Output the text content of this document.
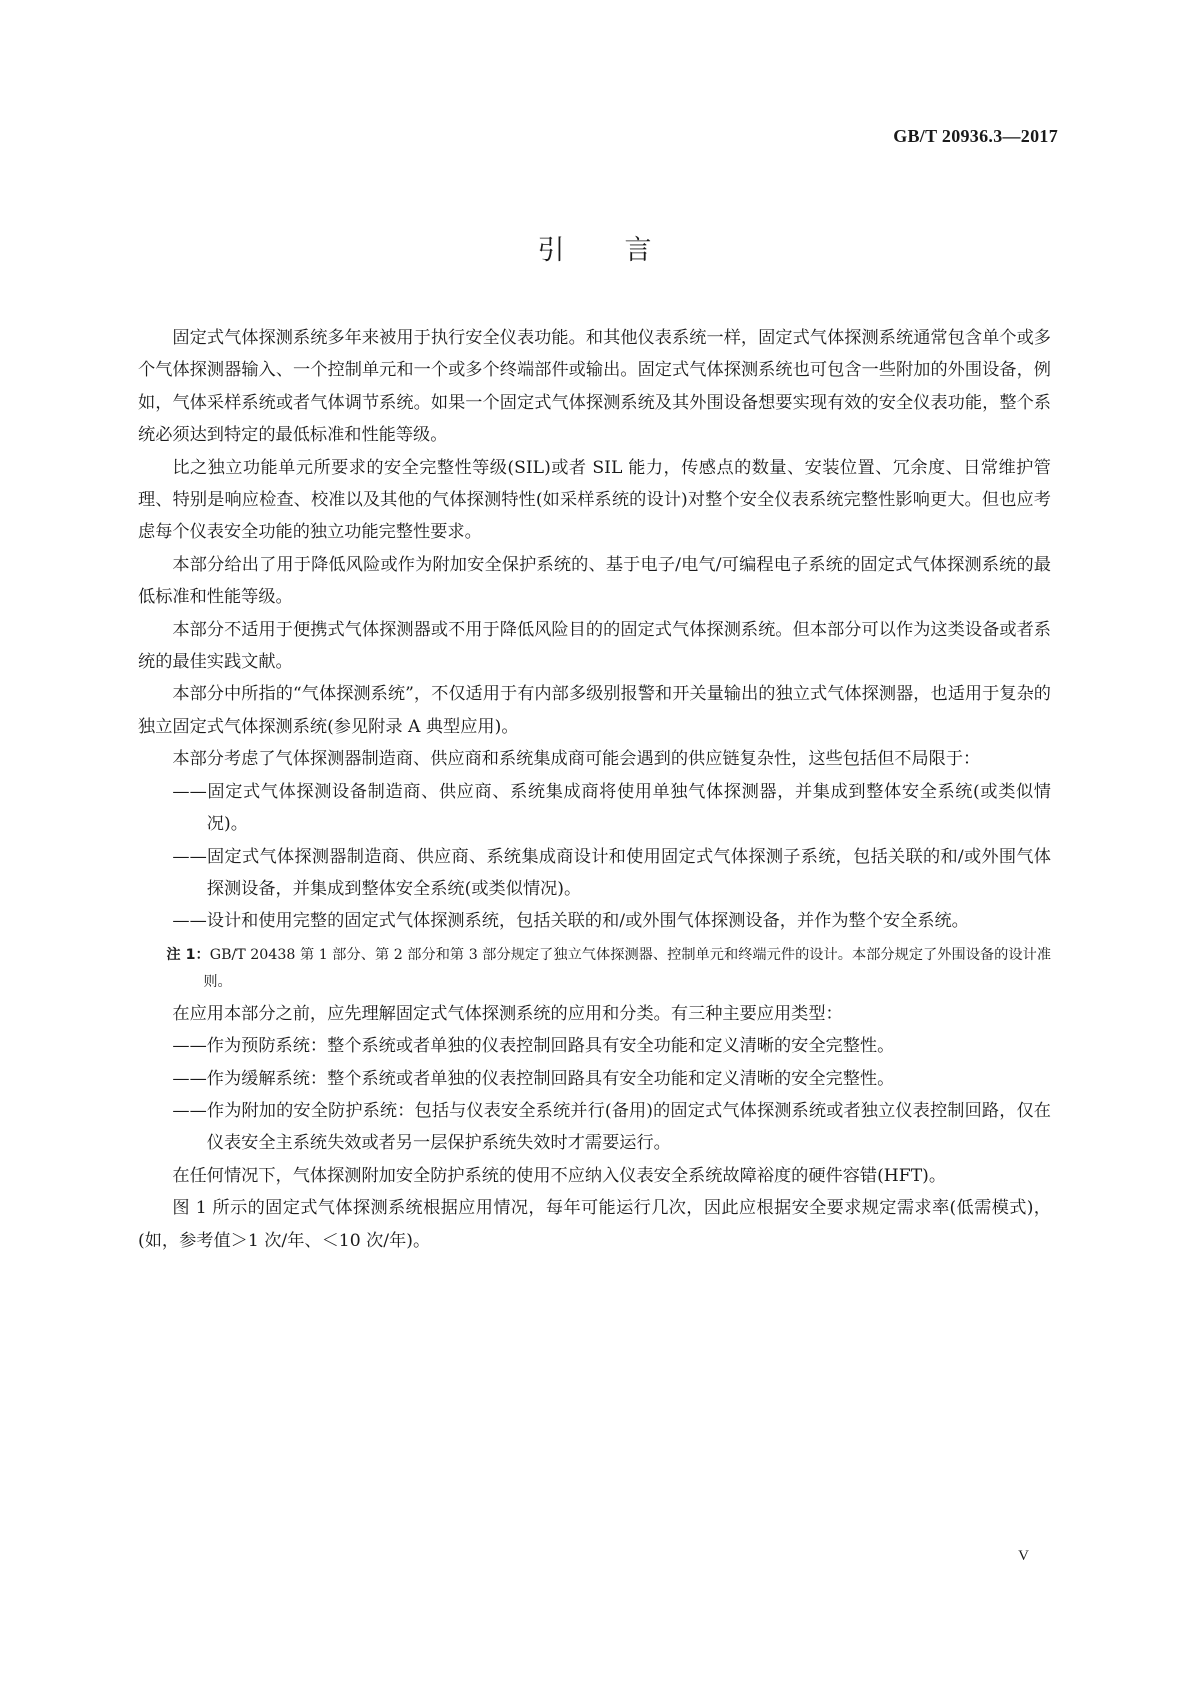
GB/T 20936.3—2017
引 言

固定式气体探测系统多年来被用于执行安全仪表功能。和其他仪表系统一样，固定式气体探测系统通常包含单个或多个气体探测器输入、一个控制单元和一个或多个终端部件或输出。固定式气体探测系统也可包含一些附加的外围设备，例如，气体采样系统或者气体调节系统。如果一个固定式气体探测系统及其外围设备想要实现有效的安全仪表功能，整个系统必须达到特定的最低标准和性能等级。

比之独立功能单元所要求的安全完整性等级(SIL)或者 SIL 能力，传感点的数量、安装位置、冗余度、日常维护管理、特别是响应检查、校准以及其他的气体探测特性(如采样系统的设计)对整个安全仪表系统完整性影响更大。但也应考虑每个仪表安全功能的独立功能完整性要求。

本部分给出了用于降低风险或作为附加安全保护系统的、基于电子/电气/可编程电子系统的固定式气体探测系统的最低标准和性能等级。

本部分不适用于便携式气体探测器或不用于降低风险目的的固定式气体探测系统。但本部分可以作为这类设备或者系统的最佳实践文献。

本部分中所指的“气体探测系统”，不仅适用于有内部多级别报警和开关量输出的独立式气体探测器，也适用于复杂的独立固定式气体探测系统(参见附录 A 典型应用)。

本部分考虑了气体探测器制造商、供应商和系统集成商可能会遇到的供应链复杂性，这些包括但不局限于：

——固定式气体探测设备制造商、供应商、系统集成商将使用单独气体探测器，并集成到整体安全系统(或类似情况)。

——固定式气体探测器制造商、供应商、系统集成商设计和使用固定式气体探测子系统，包括关联的和/或外围气体探测设备，并集成到整体安全系统(或类似情况)。

——设计和使用完整的固定式气体探测系统，包括关联的和/或外围气体探测设备，并作为整个安全系统。

注 1：GB/T 20438 第 1 部分、第 2 部分和第 3 部分规定了独立气体探测器、控制单元和终端元件的设计。本部分规定了外围设备的设计准则。

在应用本部分之前，应先理解固定式气体探测系统的应用和分类。有三种主要应用类型：

——作为预防系统：整个系统或者单独的仪表控制回路具有安全功能和定义清晰的安全完整性。

——作为缓解系统：整个系统或者单独的仪表控制回路具有安全功能和定义清晰的安全完整性。

——作为附加的安全防护系统：包括与仪表安全系统并行(备用)的固定式气体探测系统或者独立仪表控制回路，仅在仪表安全主系统失效或者另一层保护系统失效时才需要运行。

在任何情况下，气体探测附加安全防护系统的使用不应纳入仪表安全系统故障裕度的硬件容错(HFT)。

图 1 所示的固定式气体探测系统根据应用情况，每年可能运行几次，因此应根据安全要求规定需求率(低需模式)，(如，参考值＞1 次/年、＜10 次/年)。

V
